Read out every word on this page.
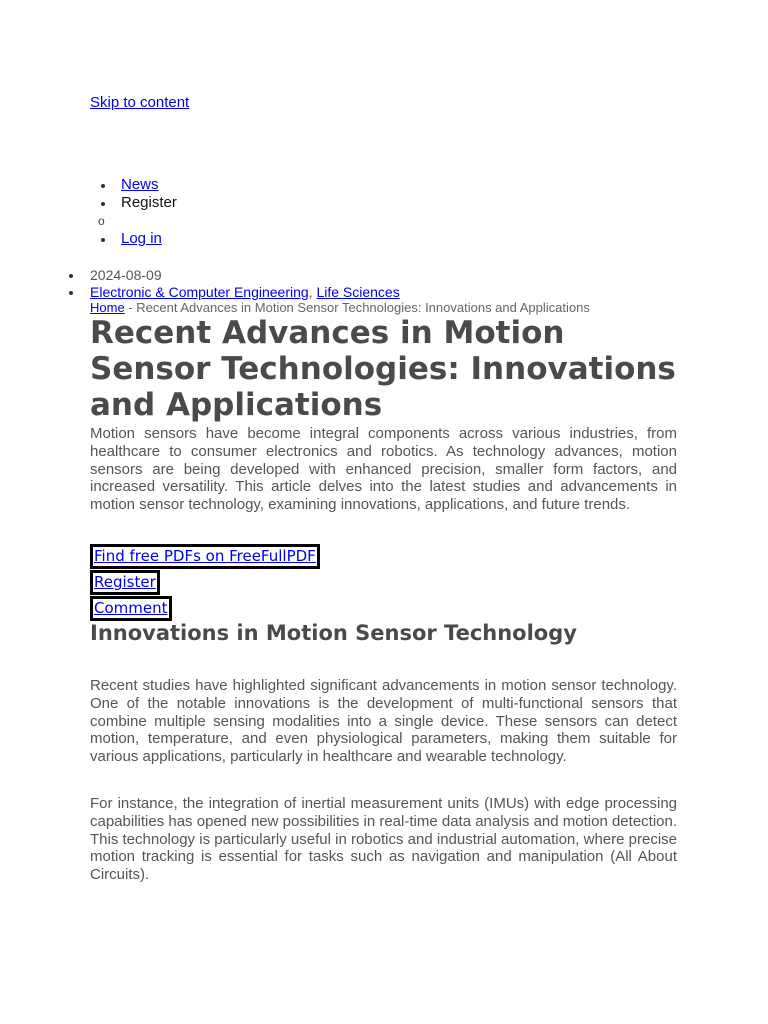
Skip to content
News
Register
o
Log in
2024-08-09
Electronic & Computer Engineering, Life Sciences
Home - Recent Advances in Motion Sensor Technologies: Innovations and Applications
Recent Advances in Motion Sensor Technologies: Innovations and Applications

Motion sensors have become integral components across various industries, from healthcare to consumer electronics and robotics. As technology advances, motion sensors are being developed with enhanced precision, smaller form factors, and increased versatility. This article delves into the latest studies and advancements in motion sensor technology, examining innovations, applications, and future trends.

Find free PDFs on FreeFullPDF
Register
Comment
Innovations in Motion Sensor Technology

Recent studies have highlighted significant advancements in motion sensor technology. One of the notable innovations is the development of multi-functional sensors that combine multiple sensing modalities into a single device. These sensors can detect motion, temperature, and even physiological parameters, making them suitable for various applications, particularly in healthcare and wearable technology.

For instance, the integration of inertial measurement units (IMUs) with edge processing capabilities has opened new possibilities in real-time data analysis and motion detection. This technology is particularly useful in robotics and industrial automation, where precise motion tracking is essential for tasks such as navigation and manipulation (All About Circuits).
